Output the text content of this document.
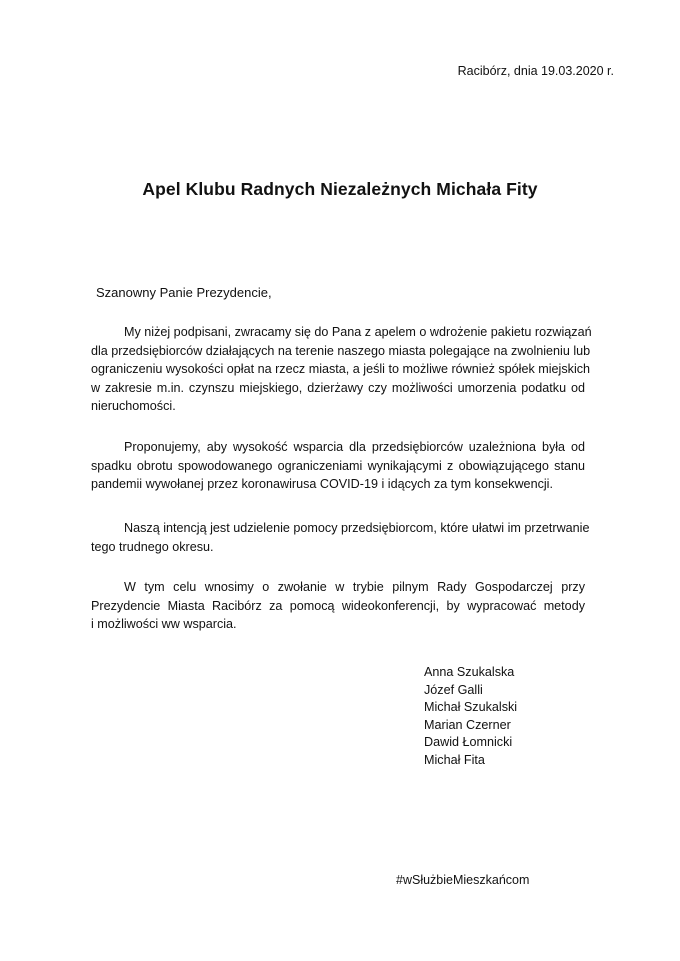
Racibórz, dnia 19.03.2020 r.
Apel Klubu Radnych Niezależnych Michała Fity
Szanowny Panie Prezydencie,
My niżej podpisani, zwracamy się do Pana z apelem o wdrożenie pakietu rozwiązań
dla przedsiębiorców działających na terenie naszego miasta polegające na zwolnieniu lub
ograniczeniu wysokości opłat na rzecz miasta, a jeśli to możliwe również spółek miejskich
w zakresie m.in. czynszu miejskiego, dzierżawy czy możliwości umorzenia podatku od
nieruchomości.
Proponujemy, aby wysokość wsparcia dla przedsiębiorców uzależniona była od
spadku obrotu spowodowanego ograniczeniami wynikającymi z obowiązującego stanu
pandemii wywołanej przez koronawirusa COVID-19 i idących za tym konsekwencji.
Naszą intencją jest udzielenie pomocy przedsiębiorcom, które ułatwi im przetrwanie
tego trudnego okresu.
W tym celu wnosimy o zwołanie w trybie pilnym Rady Gospodarczej przy
Prezydencie Miasta Racibórz za pomocą wideokonferencji, by wypracować metody
i możliwości ww wsparcia.
Anna Szukalska
Józef Galli
Michał Szukalski
Marian Czerner
Dawid Łomnicki
Michał Fita
#wSłużbieMieszkańcom
